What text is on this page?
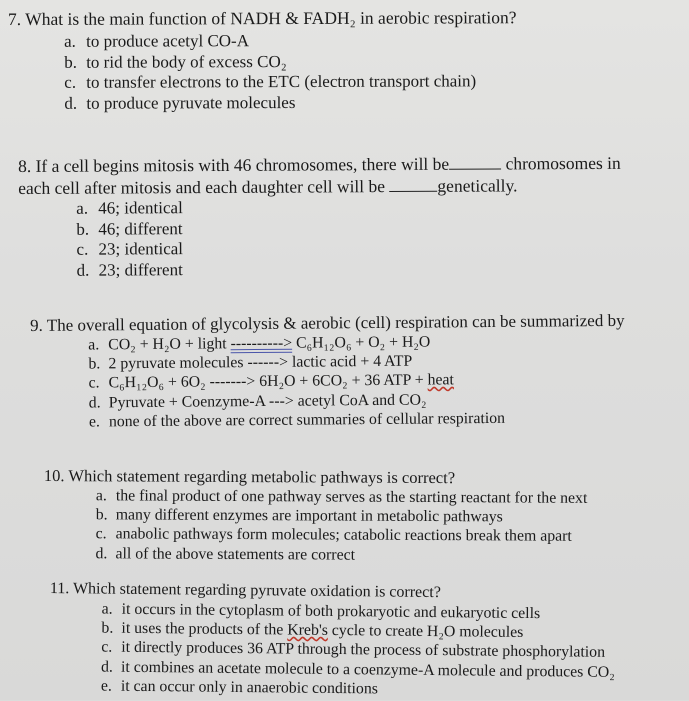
7. What is the main function of NADH & FADH₂ in aerobic respiration?
a. to produce acetyl CO-A
b. to rid the body of excess CO₂
c. to transfer electrons to the ETC (electron transport chain)
d. to produce pyruvate molecules
8. If a cell begins mitosis with 46 chromosomes, there will be	chromosomes in
each cell after mitosis and each daughter cell will be	genetically.
a. 46; identical
b. 46; different
c. 23; identical
d. 23; different
9. The overall equation of glycolysis & aerobic (cell) respiration can be summarized by
a. CO₂ + H₂O + light ----------> C₆H₁₂O₆ + O₂ + H₂O
b. 2 pyruvate molecules ------> lactic acid + 4 ATP
c. C₆H₁₂O₆ + 6O₂ -------> 6H₂O + 6CO₂ + 36 ATP + heat
d. Pyruvate + Coenzyme-A ---> acetyl CoA and CO₂
e. none of the above are correct summaries of cellular respiration
10. Which statement regarding metabolic pathways is correct?
a. the final product of one pathway serves as the starting reactant for the next
b. many different enzymes are important in metabolic pathways
c. anabolic pathways form molecules; catabolic reactions break them apart
d. all of the above statements are correct
11. Which statement regarding pyruvate oxidation is correct?
a. it occurs in the cytoplasm of both prokaryotic and eukaryotic cells
b. it uses the products of the Kreb's cycle to create H₂O molecules
c. it directly produces 36 ATP through the process of substrate phosphorylation
d. it combines an acetate molecule to a coenzyme-A molecule and produces CO₂
e. it can occur only in anaerobic conditions
